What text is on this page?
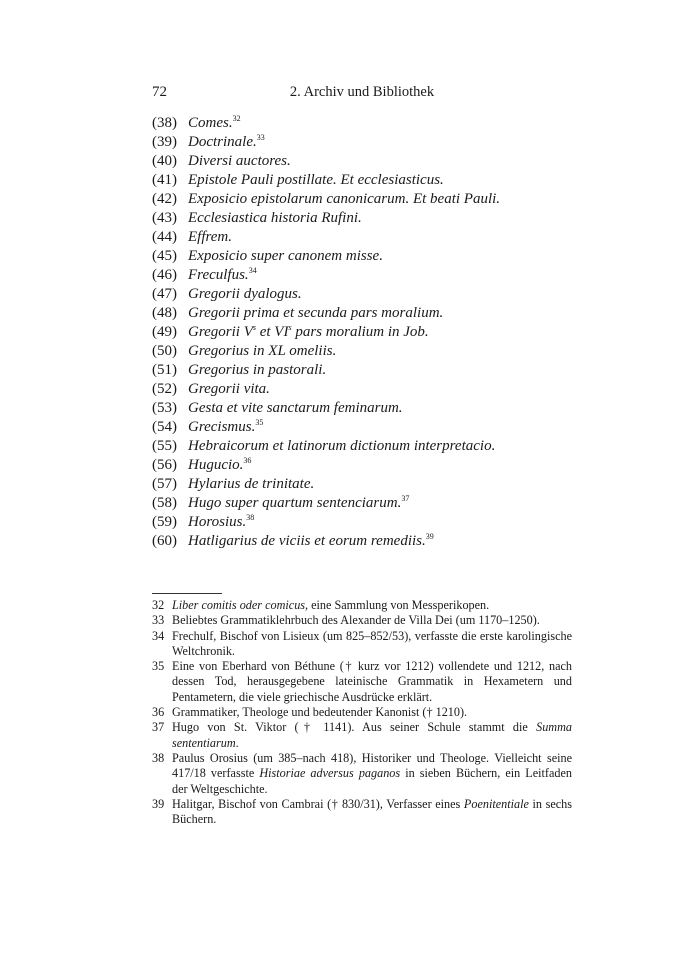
72	2. Archiv und Bibliothek
(38) Comes.$^{32}$
(39) Doctrinale.$^{33}$
(40) Diversi auctores.
(41) Epistole Pauli postillate. Et ecclesiasticus.
(42) Exposicio epistolarum canonicarum. Et beati Pauli.
(43) Ecclesiastica historia Rufini.
(44) Effrem.
(45) Exposicio super canonem misse.
(46) Freculfus.$^{34}$
(47) Gregorii dyalogus.
(48) Gregorii prima et secunda pars moralium.
(49) Gregorii $V^s$ et $VI^s$ pars moralium in Job.
(50) Gregorius in XL omeliis.
(51) Gregorius in pastorali.
(52) Gregorii vita.
(53) Gesta et vite sanctarum feminarum.
(54) Grecismus.$^{35}$
(55) Hebraicorum et latinorum dictionum interpretacio.
(56) Hugucio.$^{36}$
(57) Hylarius de trinitate.
(58) Hugo super quartum sentenciarum.$^{37}$
(59) Horosius.$^{38}$
(60) Hatligarius de viciis et eorum remediis.$^{39}$
32 Liber comitis oder comicus, eine Sammlung von Messperikopen.
33 Beliebtes Grammatiklehrbuch des Alexander de Villa Dei (um 1170–1250).
34 Frechulf, Bischof von Lisieux (um 825–852/53), verfasste die erste karolingische Weltchronik.
35 Eine von Eberhard von Béthune († kurz vor 1212) vollendete und 1212, nach dessen Tod, herausgegebene lateinische Grammatik in Hexametern und Pentametern, die viele griechische Ausdrücke erklärt.
36 Grammatiker, Theologe und bedeutender Kanonist († 1210).
37 Hugo von St. Viktor († 1141). Aus seiner Schule stammt die Summa sententiarum.
38 Paulus Orosius (um 385–nach 418), Historiker und Theologe. Vielleicht seine 417/18 verfasste Historiae adversus paganos in sieben Büchern, ein Leitfaden der Weltgeschichte.
39 Halitgar, Bischof von Cambrai († 830/31), Verfasser eines Poenitentiale in sechs Büchern.
